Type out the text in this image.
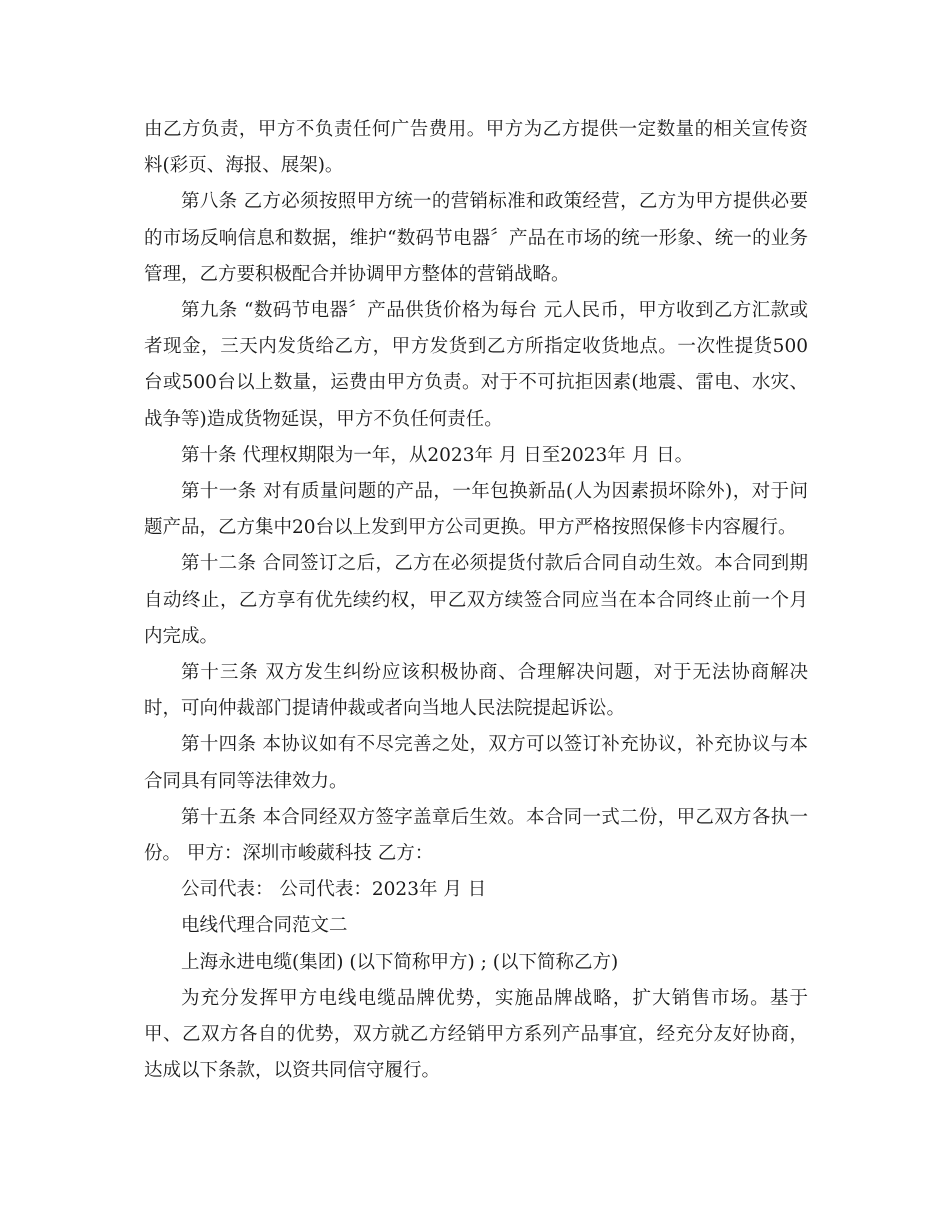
由乙方负责，甲方不负责任何广告费用。甲方为乙方提供一定数量的相关宣传资料(彩页、海报、展架)。

第八条 乙方必须按照甲方统一的营销标准和政策经营，乙方为甲方提供必要的市场反响信息和数据，维护“数码节电器〞产品在市场的统一形象、统一的业务管理，乙方要积极配合并协调甲方整体的营销战略。

第九条 “数码节电器〞产品供货价格为每台 元人民币，甲方收到乙方汇款或者现金，三天内发货给乙方，甲方发货到乙方所指定收货地点。一次性提货500台或500台以上数量，运费由甲方负责。对于不可抗拒因素(地震、雷电、水灾、战争等)造成货物延误，甲方不负任何责任。

第十条 代理权期限为一年，从2023年 月 日至2023年 月 日。

第十一条 对有质量问题的产品，一年包换新品(人为因素损坏除外)，对于问题产品，乙方集中20台以上发到甲方公司更换。甲方严格按照保修卡内容履行。

第十二条 合同签订之后，乙方在必须提货付款后合同自动生效。本合同到期自动终止，乙方享有优先续约权，甲乙双方续签合同应当在本合同终止前一个月内完成。

第十三条 双方发生纠纷应该积极协商、合理解决问题，对于无法协商解决时，可向仲裁部门提请仲裁或者向当地人民法院提起诉讼。

第十四条 本协议如有不尽完善之处，双方可以签订补充协议，补充协议与本合同具有同等法律效力。

第十五条 本合同经双方签字盖章后生效。本合同一式二份，甲乙双方各执一份。 甲方：深圳市峻葳科技 乙方：

公司代表： 公司代表：2023年 月 日

电线代理合同范文二

上海永进电缆(集团) (以下简称甲方) ; (以下简称乙方)

为充分发挥甲方电线电缆品牌优势，实施品牌战略，扩大销售市场。基于甲、乙双方各自的优势，双方就乙方经销甲方系列产品事宜，经充分友好协商，达成以下条款，以资共同信守履行。
